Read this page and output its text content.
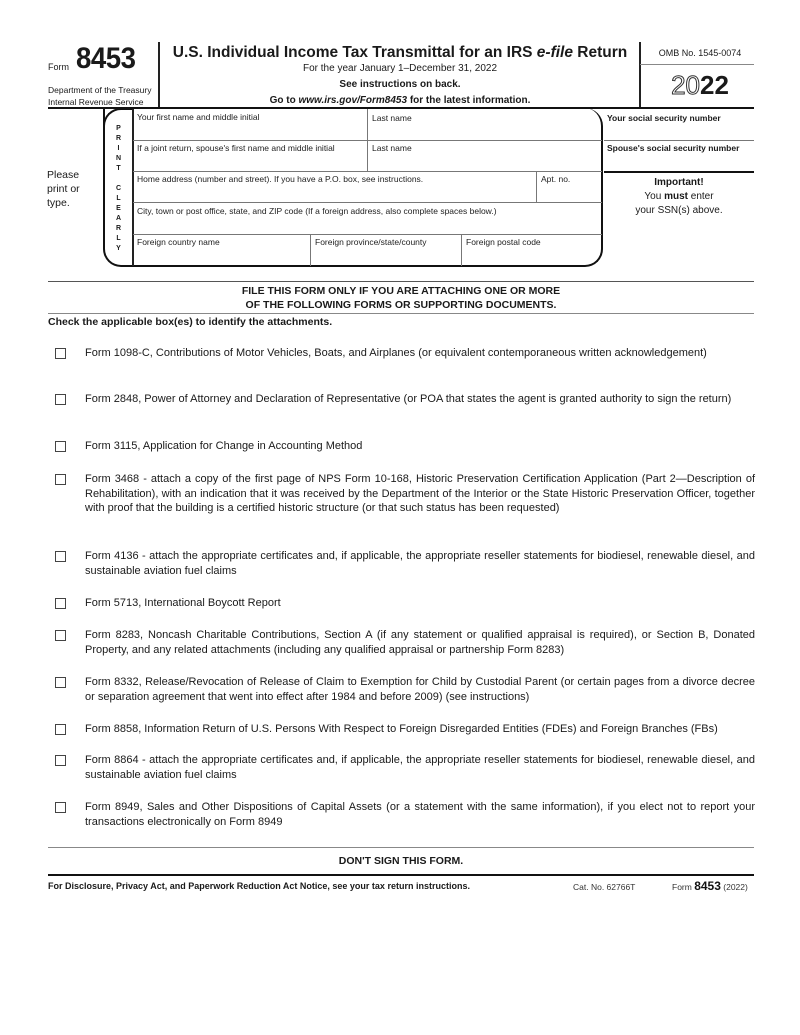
Form 8453
Department of the Treasury
Internal Revenue Service
U.S. Individual Income Tax Transmittal for an IRS e-file Return
For the year January 1–December 31, 2022
See instructions on back.
Go to www.irs.gov/Form8453 for the latest information.
OMB No. 1545-0074
2022
Please
print or
type.
P
R
I
N
T
C
L
E
A
R
L
Y
Your first name and middle initial	Last name
If a joint return, spouse's first name and middle initial	Last name
Home address (number and street). If you have a P.O. box, see instructions.	Apt. no.
City, town or post office, state, and ZIP code (If a foreign address, also complete spaces below.)
Foreign country name	Foreign province/state/county	Foreign postal code
Your social security number
Spouse's social security number
Important!
You must enter
your SSN(s) above.
FILE THIS FORM ONLY IF YOU ARE ATTACHING ONE OR MORE
OF THE FOLLOWING FORMS OR SUPPORTING DOCUMENTS.
Check the applicable box(es) to identify the attachments.
Form 1098-C, Contributions of Motor Vehicles, Boats, and Airplanes (or equivalent contemporaneous written acknowledgement)
Form 2848, Power of Attorney and Declaration of Representative (or POA that states the agent is granted authority to sign the return)
Form 3115, Application for Change in Accounting Method
Form 3468 - attach a copy of the first page of NPS Form 10-168, Historic Preservation Certification Application (Part 2—Description of Rehabilitation), with an indication that it was received by the Department of the Interior or the State Historic Preservation Officer, together with proof that the building is a certified historic structure (or that such status has been requested)
Form 4136 - attach the appropriate certificates and, if applicable, the appropriate reseller statements for biodiesel, renewable diesel, and sustainable aviation fuel claims
Form 5713, International Boycott Report
Form 8283, Noncash Charitable Contributions, Section A (if any statement or qualified appraisal is required), or Section B, Donated Property, and any related attachments (including any qualified appraisal or partnership Form 8283)
Form 8332, Release/Revocation of Release of Claim to Exemption for Child by Custodial Parent (or certain pages from a divorce decree or separation agreement that went into effect after 1984 and before 2009) (see instructions)
Form 8858, Information Return of U.S. Persons With Respect to Foreign Disregarded Entities (FDEs) and Foreign Branches (FBs)
Form 8864 - attach the appropriate certificates and, if applicable, the appropriate reseller statements for biodiesel, renewable diesel, and sustainable aviation fuel claims
Form 8949, Sales and Other Dispositions of Capital Assets (or a statement with the same information), if you elect not to report your transactions electronically on Form 8949
DON'T SIGN THIS FORM.
For Disclosure, Privacy Act, and Paperwork Reduction Act Notice, see your tax return instructions.	Cat. No. 62766T	Form 8453 (2022)
